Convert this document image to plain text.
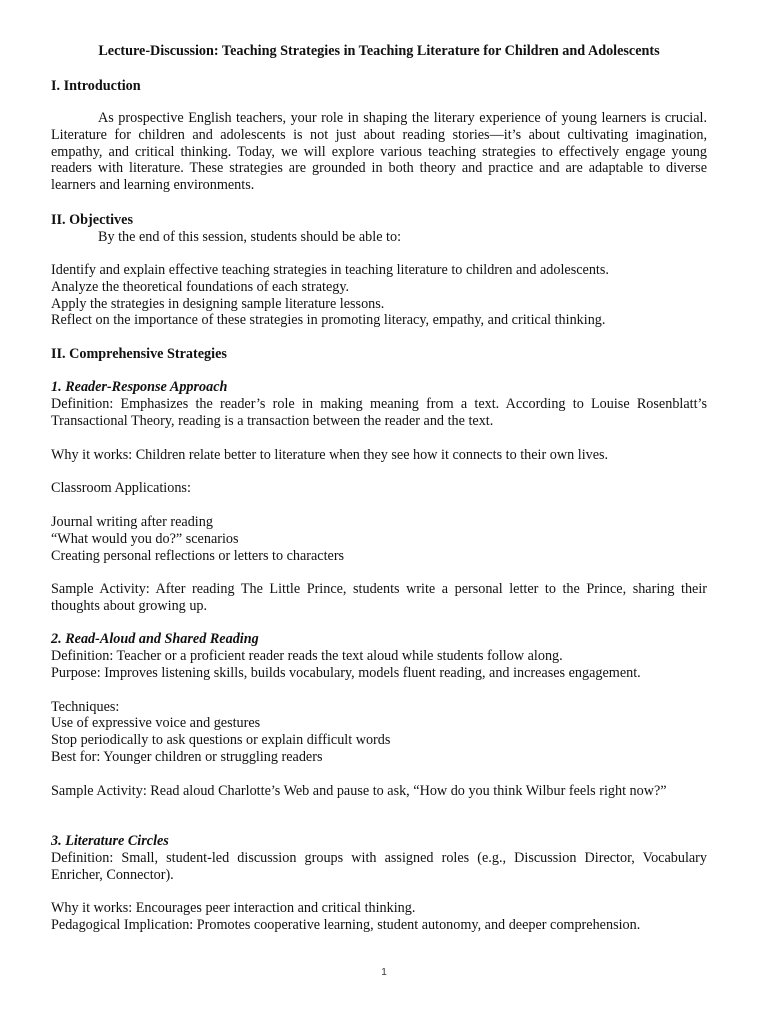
Lecture-Discussion: Teaching Strategies in Teaching Literature for Children and Adolescents
I. Introduction
As prospective English teachers, your role in shaping the literary experience of young learners is crucial. Literature for children and adolescents is not just about reading stories—it’s about cultivating imagination, empathy, and critical thinking. Today, we will explore various teaching strategies to effectively engage young readers with literature. These strategies are grounded in both theory and practice and are adaptable to diverse learners and learning environments.
II. Objectives
By the end of this session, students should be able to:
Identify and explain effective teaching strategies in teaching literature to children and adolescents.
Analyze the theoretical foundations of each strategy.
Apply the strategies in designing sample literature lessons.
Reflect on the importance of these strategies in promoting literacy, empathy, and critical thinking.
II. Comprehensive Strategies
1. Reader-Response Approach
Definition: Emphasizes the reader’s role in making meaning from a text. According to Louise Rosenblatt’s Transactional Theory, reading is a transaction between the reader and the text.
Why it works: Children relate better to literature when they see how it connects to their own lives.
Classroom Applications:
Journal writing after reading
“What would you do?” scenarios
Creating personal reflections or letters to characters
Sample Activity: After reading The Little Prince, students write a personal letter to the Prince, sharing their thoughts about growing up.
2. Read-Aloud and Shared Reading
Definition: Teacher or a proficient reader reads the text aloud while students follow along.
Purpose: Improves listening skills, builds vocabulary, models fluent reading, and increases engagement.
Techniques:
Use of expressive voice and gestures
Stop periodically to ask questions or explain difficult words
Best for: Younger children or struggling readers
Sample Activity: Read aloud Charlotte’s Web and pause to ask, “How do you think Wilbur feels right now?”
3. Literature Circles
Definition: Small, student-led discussion groups with assigned roles (e.g., Discussion Director, Vocabulary Enricher, Connector).
Why it works: Encourages peer interaction and critical thinking.
Pedagogical Implication: Promotes cooperative learning, student autonomy, and deeper comprehension.
1
